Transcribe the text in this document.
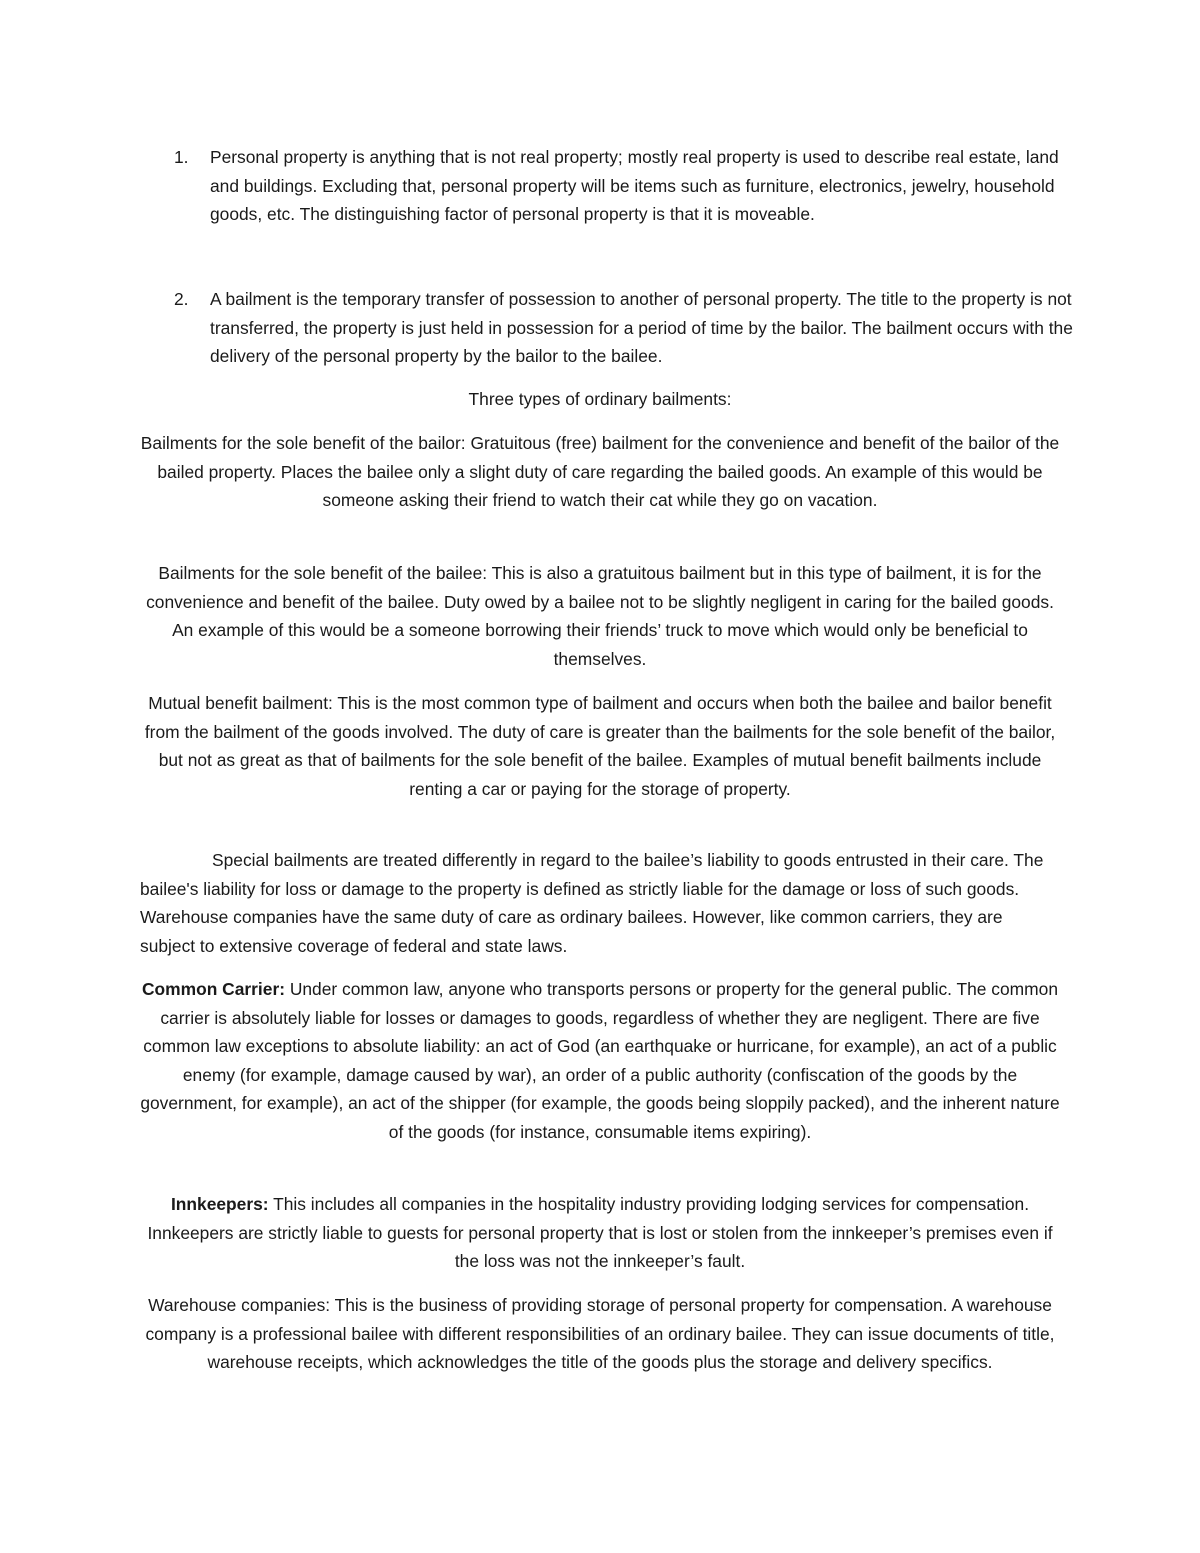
1.	Personal property is anything that is not real property; mostly real property is used to describe real estate, land and buildings. Excluding that, personal property will be items such as furniture, electronics, jewelry, household goods, etc. The distinguishing factor of personal property is that it is moveable.
2.	A bailment is the temporary transfer of possession to another of personal property. The title to the property is not transferred, the property is just held in possession for a period of time by the bailor. The bailment occurs with the delivery of the personal property by the bailor to the bailee.
Three types of ordinary bailments:
Bailments for the sole benefit of the bailor: Gratuitous (free) bailment for the convenience and benefit of the bailor of the bailed property. Places the bailee only a slight duty of care regarding the bailed goods. An example of this would be someone asking their friend to watch their cat while they go on vacation.
Bailments for the sole benefit of the bailee: This is also a gratuitous bailment but in this type of bailment, it is for the convenience and benefit of the bailee. Duty owed by a bailee not to be slightly negligent in caring for the bailed goods. An example of this would be a someone borrowing their friends’ truck to move which would only be beneficial to themselves.
Mutual benefit bailment: This is the most common type of bailment and occurs when both the bailee and bailor benefit from the bailment of the goods involved. The duty of care is greater than the bailments for the sole benefit of the bailor, but not as great as that of bailments for the sole benefit of the bailee. Examples of mutual benefit bailments include renting a car or paying for the storage of property.
Special bailments are treated differently in regard to the bailee’s liability to goods entrusted in their care. The bailee's liability for loss or damage to the property is defined as strictly liable for the damage or loss of such goods. Warehouse companies have the same duty of care as ordinary bailees. However, like common carriers, they are subject to extensive coverage of federal and state laws.
Common Carrier: Under common law, anyone who transports persons or property for the general public. The common carrier is absolutely liable for losses or damages to goods, regardless of whether they are negligent. There are five common law exceptions to absolute liability: an act of God (an earthquake or hurricane, for example), an act of a public enemy (for example, damage caused by war), an order of a public authority (confiscation of the goods by the government, for example), an act of the shipper (for example, the goods being sloppily packed), and the inherent nature of the goods (for instance, consumable items expiring).
Innkeepers: This includes all companies in the hospitality industry providing lodging services for compensation. Innkeepers are strictly liable to guests for personal property that is lost or stolen from the innkeeper’s premises even if the loss was not the innkeeper’s fault.
Warehouse companies: This is the business of providing storage of personal property for compensation. A warehouse company is a professional bailee with different responsibilities of an ordinary bailee. They can issue documents of title, warehouse receipts, which acknowledges the title of the goods plus the storage and delivery specifics.
